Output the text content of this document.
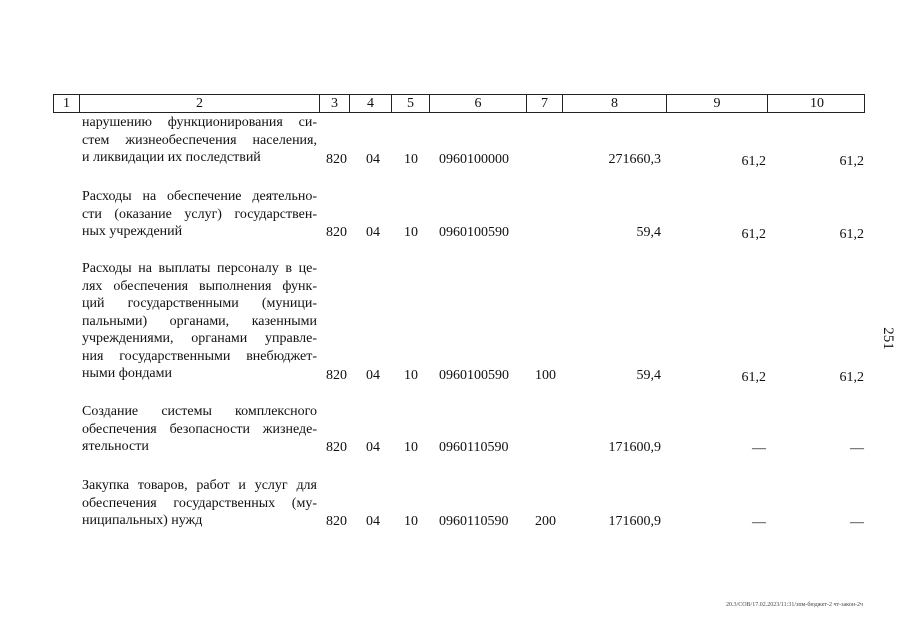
1	2	3	4	5	6	7	8	9	10
нарушению функционирования си-
стем жизнеобеспечения населения,
и ликвидации их последствий	820 04 10 0960100000	271660,3	61,2	61,2
Расходы на обеспечение деятельно-
сти (оказание услуг) государствен-
ных учреждений	820 04 10 0960100590	59,4	61,2	61,2
Расходы на выплаты персоналу в це-
лях обеспечения выполнения функ-
ций государственными (муници-
пальными) органами, казенными
учреждениями, органами управле-
ния государственными внебюджет-
ными фондами	820 04 10 0960100590 100	59,4	61,2	61,2
Создание системы комплексного
обеспечения безопасности жизнеде-
ятельности	820 04 10 0960110590	171600,9	—	—
Закупка товаров, работ и услуг для
обеспечения государственных (му-
ниципальных) нужд	820 04 10 0960110590 200	171600,9	—	—
251
20.3/СОВ/17.02.2023/11:31/зпм-бюджет-2 чт-закон-2ч
